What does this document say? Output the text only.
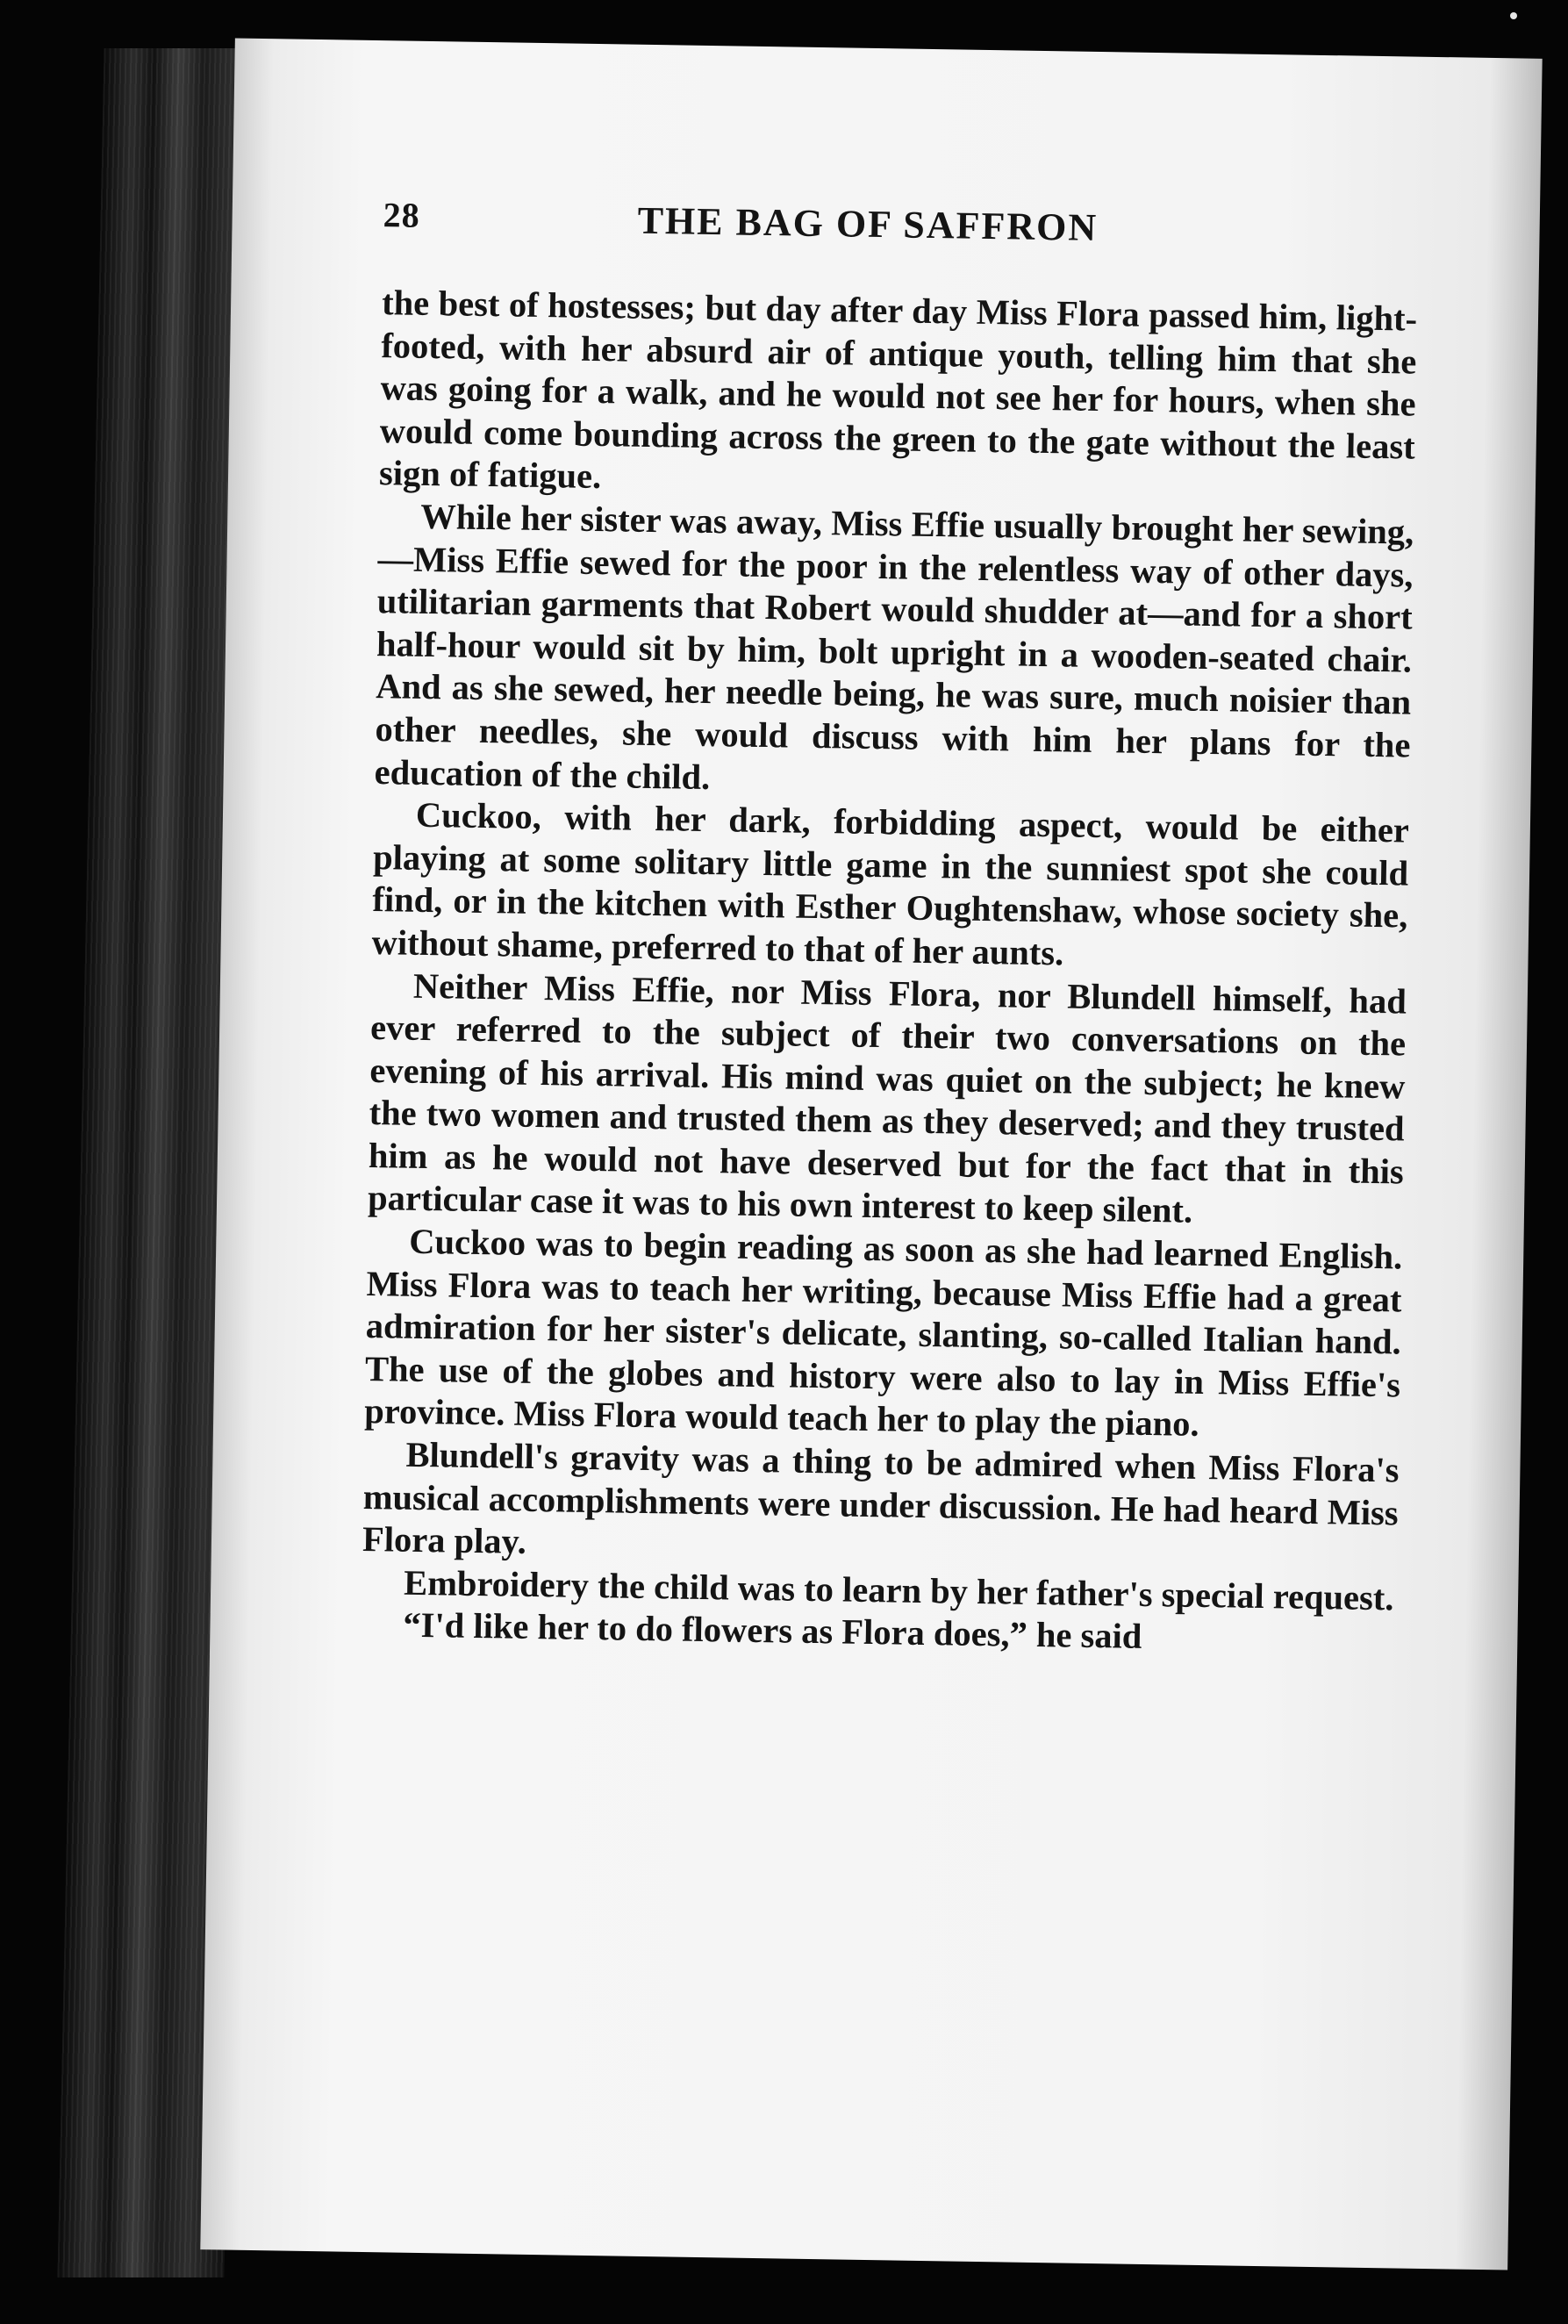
28	THE BAG OF SAFFRON

the best of hostesses; but day after day Miss Flora passed him, light-footed, with her absurd air of antique youth, telling him that she was going for a walk, and he would not see her for hours, when she would come bounding across the green to the gate without the least sign of fatigue.

While her sister was away, Miss Effie usually brought her sewing,—Miss Effie sewed for the poor in the relentless way of other days, utilitarian garments that Robert would shudder at—and for a short half-hour would sit by him, bolt upright in a wooden-seated chair. And as she sewed, her needle being, he was sure, much noisier than other needles, she would discuss with him her plans for the education of the child.

Cuckoo, with her dark, forbidding aspect, would be either playing at some solitary little game in the sunniest spot she could find, or in the kitchen with Esther Oughtenshaw, whose society she, without shame, preferred to that of her aunts.

Neither Miss Effie, nor Miss Flora, nor Blundell himself, had ever referred to the subject of their two conversations on the evening of his arrival. His mind was quiet on the subject; he knew the two women and trusted them as they deserved; and they trusted him as he would not have deserved but for the fact that in this particular case it was to his own interest to keep silent.

Cuckoo was to begin reading as soon as she had learned English. Miss Flora was to teach her writing, because Miss Effie had a great admiration for her sister's delicate, slanting, so-called Italian hand. The use of the globes and history were also to lay in Miss Effie's province. Miss Flora would teach her to play the piano.

Blundell's gravity was a thing to be admired when Miss Flora's musical accomplishments were under discussion. He had heard Miss Flora play.

Embroidery the child was to learn by her father's special request.

“I'd like her to do flowers as Flora does,” he said
